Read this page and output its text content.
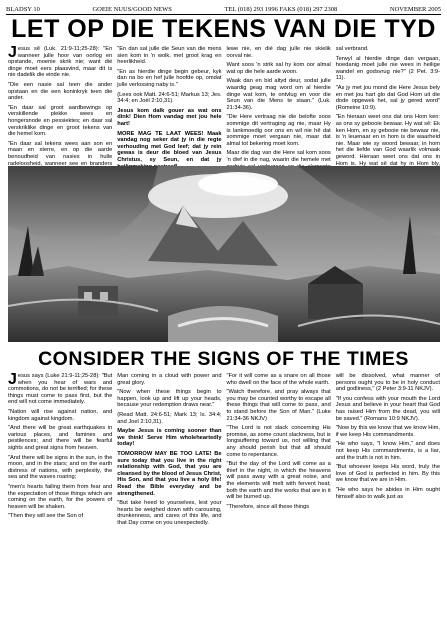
BLADSY 10	GOEIE NUUS/GOOD NEWS	TEL (018) 293 1996 FAKS (018) 297 2308	NOVEMBER 2005
LET OP DIE TEKENS VAN DIE TYD
J esus sê (Luk. 21:9-11;25-28): "En wanneer julle hoor van oorlog en opstande, moenie skrik nie; want dié dinge moet eers plaasvind, maar dit is nie dadelik die einde nie.

"Die een nasie sal teen die ander opstaan en die een koninkryk teen die ander.

"En daar sal groot aardbewings op verskillende plekke wees en hongersnode en pessiektes; en daar sal verskriklike dinge en groot tekens van die hemel kom.

"En daar sal tekens wees aan son en maan en sterre, en op die aarde benoudheid van nasies in hulle radeloosheid, wanneer see en branders

"En dan sal julle die Seun van die mens sien kom in 'n wolk, met groot krag en heerlikheid.

"En as hierdie dinge begin gebeur, kyk dan na bo en hef julle hoofde op, omdat julle verlossing naby is."

(Lees ook Matt. 24:6-51; Markus 13; Jes. 34:4; en Joël 2:10,31).

Jesus kom dalk gouer as wat ons dink! Dien Hom vandag met jou hele hart!

MORE MAG TE LAAT WEES! Maak vandag nog seker dat jy in die regte verhouding met God leef; dat jy rein gewas is deur die bloed van Jesus Christus, sy Seun, en dat jy

lewe nie, en dié dag julle nie skielik oorval nie.

Want soos 'n strik sal hy kom oor almal wat op die hele aarde woon.

Waak dan en bid altyd deur, sodat julle waardig geag mag word om al hierdie dinge wat kom, te ontvlug en voor die Seun van die Mens te staan." (Luk. 21:34-36).

"Die Here vertraag nie die belofte soos sommige dit vertraging ag nie, maar Hy is lankmoedig oor ons en wil nie hê dat sommige moet vergaan nie, maar dat almal tot bekering moet kom.

Maar die dag van die Here sal kom soos 'n dief in die nag, waarin die hemele met

sal verbrand.

Terwyl al hierdie dinge dan vergaan, hoedanig moet julle nie wees in heilige wandel en godsvrug nie?" (2 Pet. 3:9-11).

"As jy met jou mond die Here Jesus bely en met jou hart glo dat God Hom uit die dode opgewek het, sal jy gered word" (Romeine 10:9).

"En hieraan weet ons dat ons Hom ken: as ons sy gebooie bewaar. Hy wat sê: Ek ken Hom, en sy gebooie nie bewaar nie, is 'n leuenaar en in hom is die waarheid nie. Maar wie sy woord bewaar, in hom het die liefde van God waarlik volmaak geword. Hieraan weet ons dat ons in Hom is. Hy wat sê dat hy in Hom bly,

CONSIDER THE SIGNS OF THE TIMES
J esus says (Luke 21:9-11;25-28): "But when you hear of wars and commotions, do not be terrified; for these things must come to pass first, but the end will not come immediately.

"Nation will rise against nation, and kingdom against kingdom.

"And there will be great earthquakes in various places, and famines and pestilences; and there will be fearful sights and great signs from heaven.

"And there will be signs in the sun, in the moon, and in the stars; and on the earth distress of nations, with perplexity, the sea and the waves roaring;

"men's hearts failing them from fear and the expectation of those things which are coming on the earth, for the powers of heaven will be shaken.

"Then they will see the Son of

Man coming in a cloud with power and great glory.

"Now when these things begin to happen, look up and lift up your heads, because your redemption draws near."

(Read Matt. 24:6-51; Mark 13; Is. 34:4; and Joel 2:10,31).

Maybe Jesus is coming sooner than we think! Serve Him wholeheartedly today!

TOMORROW MAY BE TOO LATE! Be sure today that you live in the right relationship with God, that you are cleansed by the blood of Jesus Christ, His Son, and that you live a holy life! Read the Bible everyday and be strengthened.

"But take heed to yourselves, lest your hearts be weighed down with carousing, drunkenness, and cares of this life, and that Day come on you unexpectedly.

"For it will come as a snare on all those who dwell on the face of the whole earth.

"Watch therefore, and pray always that you may be counted worthy to escape all these things that will come to pass, and to stand before the Son of Man." (Luke 21:34-36 NKJV)

"The Lord is not slack concerning His promise, as some count slackness, but is longsuffering toward us, not willing that any should perish but that all should come to repentance.

"But the day of the Lord will come as a thief in the night, in which the heavens will pass away with a great noise, and the elements will melt with fervent heat; both the earth and the works that are in it will be burned up.

"Therefore, since all these things

will be dissolved, what manner of persons ought you to be in holy conduct and godliness," (2 Peter 3:9-11 NKJV).

"If you confess with your mouth the Lord Jesus and believe in your heart that God has raised Him from the dead, you will be saved." (Romans 10:9 NKJV).

"Now by this we know that we know Him, if we keep His commandments.

"He who says, "I know Him," and does not keep His commandments, is a liar, and the truth is not in him.

"But whoever keeps His word, truly the love of God is perfected in him. By this we know that we are in Him.

"He who says he abides in Him ought himself also to walk just as
